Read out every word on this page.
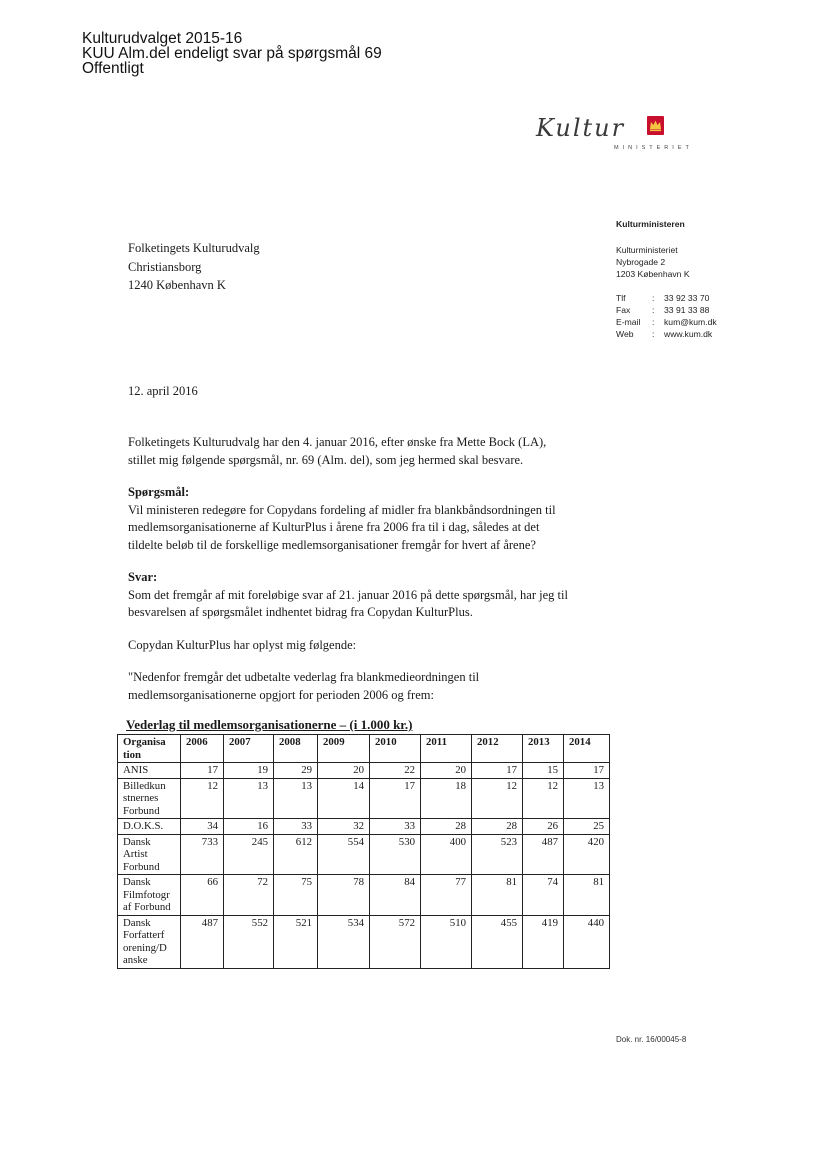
Kulturudvalget 2015-16
KUU Alm.del endeligt svar på spørgsmål 69
Offentligt
Kultur
MINISTERIET
Kulturministeren
Kulturministeriet
Nybrogade 2
1203 København K
Tlf	:	33 92 33 70
Fax	:	33 91 33 88
E-mail	:	kum@kum.dk
Web	:	www.kum.dk
Folketingets Kulturudvalg
Christiansborg
1240 København K
12. april 2016

Folketingets Kulturudvalg har den 4. januar 2016, efter ønske fra Mette Bock (LA),
stillet mig følgende spørgsmål, nr. 69 (Alm. del), som jeg hermed skal besvare.

Spørgsmål:

Vil ministeren redegøre for Copydans fordeling af midler fra blankbåndsordningen til
medlemsorganisationerne af KulturPlus i årene fra 2006 fra til i dag, således at det
tildelte beløb til de forskellige medlemsorganisationer fremgår for hvert af årene?

Svar:

Som det fremgår af mit foreløbige svar af 21. januar 2016 på dette spørgsmål, har jeg til
besvarelsen af spørgsmålet indhentet bidrag fra Copydan KulturPlus.

Copydan KulturPlus har oplyst mig følgende:

"Nedenfor fremgår det udbetalte vederlag fra blankmedieordningen til
medlemsorganisationerne opgjort for perioden 2006 og frem:

Vederlag til medlemsorganisationerne – (i 1.000 kr.)
Organisa tion	2006	2007	2008	2009	2010	2011	2012	2013	2014
ANIS	17	19	29	20	22	20	17	15	17
Billedkun stnernes Forbund	12	13	13	14	17	18	12	12	13
D.O.K.S.	34	16	33	32	33	28	28	26	25
Dansk Artist Forbund	733	245	612	554	530	400	523	487	420
Dansk Filmfotogr af Forbund	66	72	75	78	84	77	81	74	81
Dansk Forfatterf orening/D anske	487	552	521	534	572	510	455	419	440
Dok. nr. 16/00045-8
